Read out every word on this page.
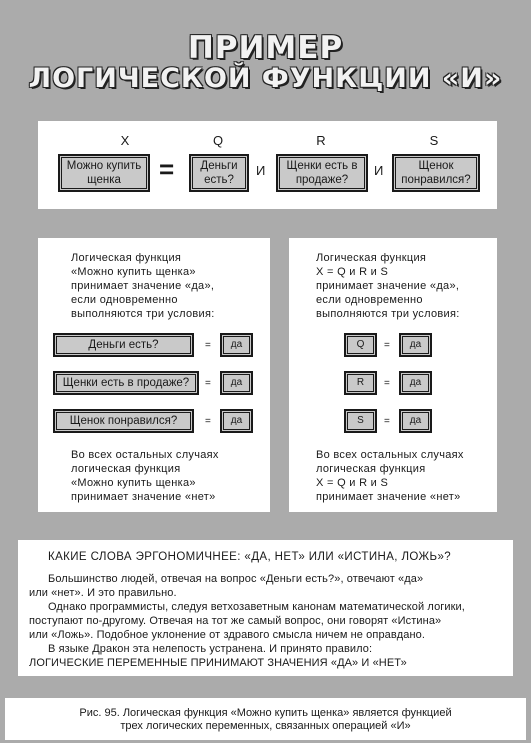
ПРИМЕР
ЛОГИЧЕСКОЙ ФУНКЦИИ «И»
X	Q	R	S
Можно купить щенка	=	Деньги есть?
И	Щенки есть в продаже?
И	Щенок понравился?
Логическая функция
«Можно купить щенка»
принимает значение «да»,
если одновременно
выполняются три условия:
Деньги есть?	=	да
Щенки есть в продаже?	=	да
Щенок понравился?	=	да
Во всех остальных случаях
логическая функция
«Можно купить щенка»
принимает значение «нет»
Логическая функция
X = Q и R и S
принимает значение «да»,
если одновременно
выполняются три условия:
Q	=	да
R	=	да
S	=	да
Во всех остальных случаях
логическая функция
X = Q и R и S
принимает значение «нет»
КАКИЕ СЛОВА ЭРГОНОМИЧНЕЕ: «ДА, НЕТ» ИЛИ «ИСТИНА, ЛОЖЬ»?
Большинство людей, отвечая на вопрос «Деньги есть?», отвечают «да»
или «нет». И это правильно.
Однако программисты, следуя ветхозаветным канонам математической логики,
поступают по-другому. Отвечая на тот же самый вопрос, они говорят «Истина»
или «Ложь». Подобное уклонение от здравого смысла ничем не оправдано.
В языке Дракон эта нелепость устранена. И принято правило:
ЛОГИЧЕСКИЕ ПЕРЕМЕННЫЕ ПРИНИМАЮТ ЗНАЧЕНИЯ «ДА» И «НЕТ»
Рис. 95. Логическая функция «Можно купить щенка» является функцией
трех логических переменных, связанных операцией «И»
